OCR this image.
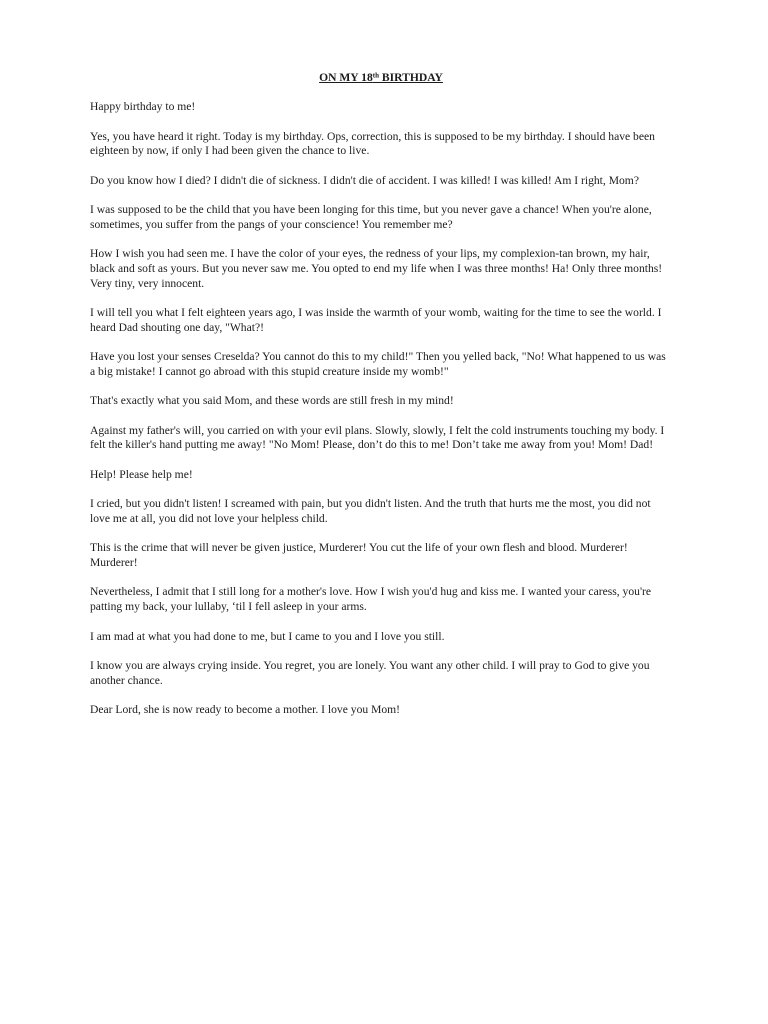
ON MY 18th BIRTHDAY

Happy birthday to me!

Yes, you have heard it right. Today is my birthday. Ops, correction, this is supposed to be my birthday. I should have been eighteen by now, if only I had been given the chance to live.

Do you know how I died? I didn't die of sickness. I didn't die of accident. I was killed! I was killed! Am I right, Mom?

I was supposed to be the child that you have been longing for this time, but you never gave a chance! When you're alone, sometimes, you suffer from the pangs of your conscience! You remember me?

How I wish you had seen me. I have the color of your eyes, the redness of your lips, my complexion-tan brown, my hair, black and soft as yours. But you never saw me. You opted to end my life when I was three months! Ha! Only three months! Very tiny, very innocent.

I will tell you what I felt eighteen years ago, I was inside the warmth of your womb, waiting for the time to see the world. I heard Dad shouting one day, "What?!

Have you lost your senses Creselda? You cannot do this to my child!" Then you yelled back, "No! What happened to us was a big mistake! I cannot go abroad with this stupid creature inside my womb!"

That's exactly what you said Mom, and these words are still fresh in my mind!

Against my father's will, you carried on with your evil plans. Slowly, slowly, I felt the cold instruments touching my body. I felt the killer's hand putting me away! "No Mom! Please, don’t do this to me! Don’t take me away from you! Mom! Dad!

Help! Please help me!

I cried, but you didn't listen! I screamed with pain, but you didn't listen. And the truth that hurts me the most, you did not love me at all, you did not love your helpless child.

This is the crime that will never be given justice, Murderer! You cut the life of your own flesh and blood. Murderer! Murderer!

Nevertheless, I admit that I still long for a mother's love. How I wish you'd hug and kiss me. I wanted your caress, you're patting my back, your lullaby, ‘til I fell asleep in your arms.

I am mad at what you had done to me, but I came to you and I love you still.

I know you are always crying inside. You regret, you are lonely. You want any other child. I will pray to God to give you another chance.

Dear Lord, she is now ready to become a mother. I love you Mom!
